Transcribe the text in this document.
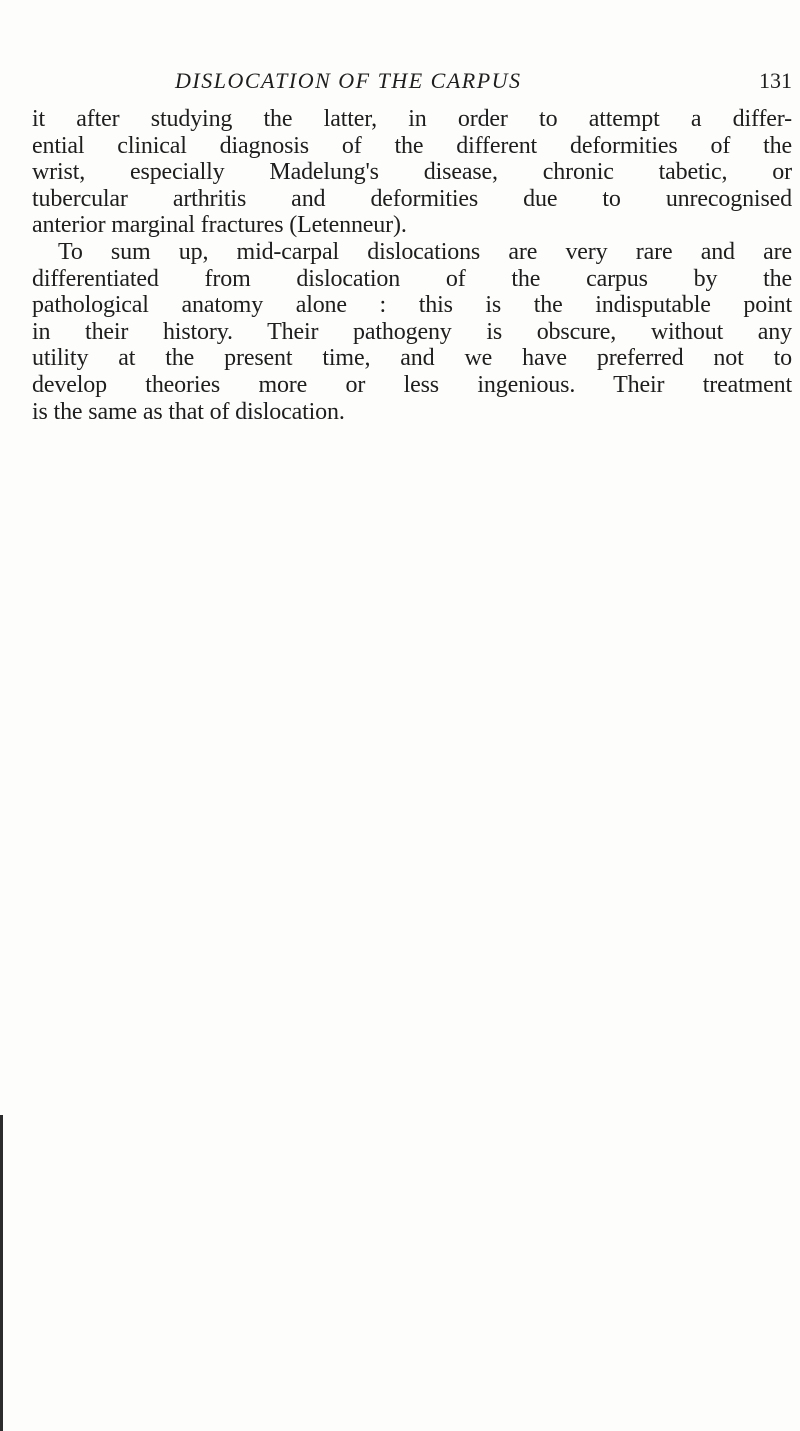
DISLOCATION OF THE CARPUS	131

it after studying the latter, in order to attempt a differ-
ential clinical diagnosis of the different deformities of the
wrist, especially Madelung's disease, chronic tabetic, or
tubercular arthritis and deformities due to unrecognised
anterior marginal fractures (Letenneur).

To sum up, mid-carpal dislocations are very rare and are
differentiated from dislocation of the carpus by the
pathological anatomy alone : this is the indisputable point
in their history. Their pathogeny is obscure, without any
utility at the present time, and we have preferred not to
develop theories more or less ingenious. Their treatment
is the same as that of dislocation.
